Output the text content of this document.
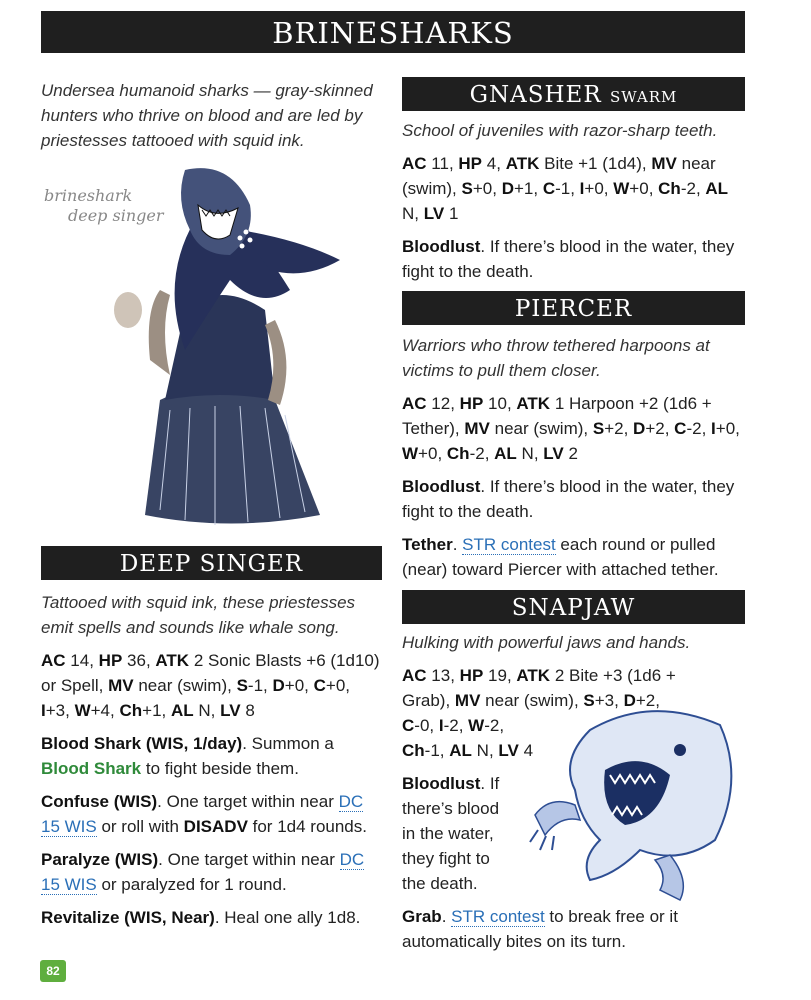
BRINESHARKS
Undersea humanoid sharks — gray-skinned hunters who thrive on blood and are led by priestesses tattooed with squid ink.
brineshark
deep singer
DEEP SINGER

Tattooed with squid ink, these priestesses emit spells and sounds like whale song.

AC 14, HP 36, ATK 2 Sonic Blasts +6 (1d10) or Spell, MV near (swim), S-1, D+0, C+0, I+3, W+4, Ch+1, AL N, LV 8

Blood Shark (WIS, 1/day). Summon a Blood Shark to fight beside them.

Confuse (WIS). One target within near DC 15 WIS or roll with DISADV for 1d4 rounds.

Paralyze (WIS). One target within near DC 15 WIS or paralyzed for 1 round.

Revitalize (WIS, Near). Heal one ally 1d8.

GNASHER SWARM

School of juveniles with razor-sharp teeth.

AC 11, HP 4, ATK Bite +1 (1d4), MV near (swim), S+0, D+1, C-1, I+0, W+0, Ch-2, AL N, LV 1

Bloodlust. If there’s blood in the water, they fight to the death.

PIERCER

Warriors who throw tethered harpoons at victims to pull them closer.

AC 12, HP 10, ATK 1 Harpoon +2 (1d6 + Tether), MV near (swim), S+2, D+2, C-2, I+0, W+0, Ch-2, AL N, LV 2

Bloodlust. If there’s blood in the water, they fight to the death.

Tether. STR contest each round or pulled (near) toward Piercer with attached tether.

SNAPJAW

Hulking with powerful jaws and hands.

AC 13, HP 19, ATK 2 Bite +3 (1d6 + Grab), MV near (swim), S+3, D+2,
C-0, I-2, W-2,
Ch-1, AL N, LV 4

Bloodlust. If
there’s blood
in the water,
they fight to
the death.

Grab. STR contest to break free or it automatically bites on its turn.

82
